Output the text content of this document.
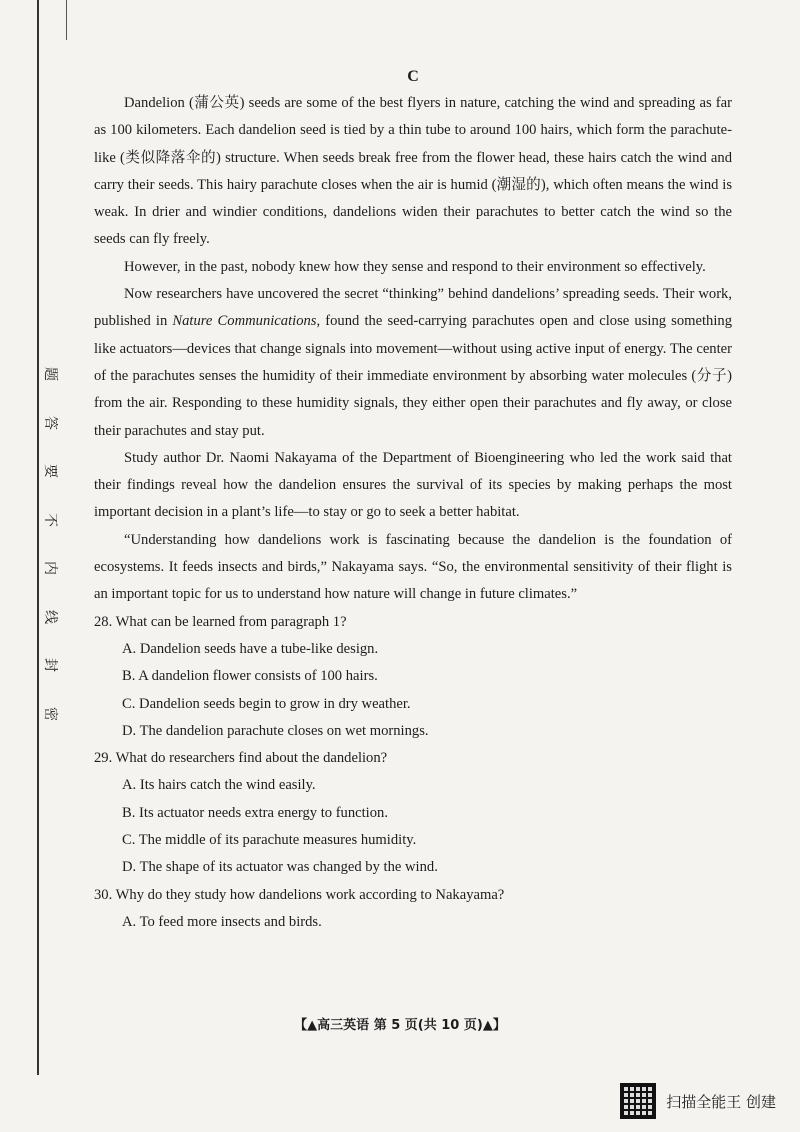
题
答
要
不
内
线
封
密
C

Dandelion (蒲公英) seeds are some of the best flyers in nature, catching the wind and spreading as far as 100 kilometers. Each dandelion seed is tied by a thin tube to around 100 hairs, which form the parachute-like (类似降落伞的) structure. When seeds break free from the flower head, these hairs catch the wind and carry their seeds. This hairy parachute closes when the air is humid (潮湿的), which often means the wind is weak. In drier and windier conditions, dandelions widen their parachutes to better catch the wind so the seeds can fly freely.

However, in the past, nobody knew how they sense and respond to their environment so effectively.

Now researchers have uncovered the secret “thinking” behind dandelions’ spreading seeds. Their work, published in Nature Communications, found the seed-carrying parachutes open and close using something like actuators—devices that change signals into movement—without using active input of energy. The center of the parachutes senses the humidity of their immediate environment by absorbing water molecules (分子) from the air. Responding to these humidity signals, they either open their parachutes and fly away, or close their parachutes and stay put.

Study author Dr. Naomi Nakayama of the Department of Bioengineering who led the work said that their findings reveal how the dandelion ensures the survival of its species by making perhaps the most important decision in a plant’s life—to stay or go to seek a better habitat.

“Understanding how dandelions work is fascinating because the dandelion is the foundation of ecosystems. It feeds insects and birds,” Nakayama says. “So, the environmental sensitivity of their flight is an important topic for us to understand how nature will change in future climates.”

28. What can be learned from paragraph 1?

A. Dandelion seeds have a tube-like design.

B. A dandelion flower consists of 100 hairs.

C. Dandelion seeds begin to grow in dry weather.

D. The dandelion parachute closes on wet mornings.

29. What do researchers find about the dandelion?

A. Its hairs catch the wind easily.

B. Its actuator needs extra energy to function.

C. The middle of its parachute measures humidity.

D. The shape of its actuator was changed by the wind.

30. Why do they study how dandelions work according to Nakayama?

A. To feed more insects and birds.

【▲高三英语 第 5 页(共 10 页)▲】
扫描全能王 创建
